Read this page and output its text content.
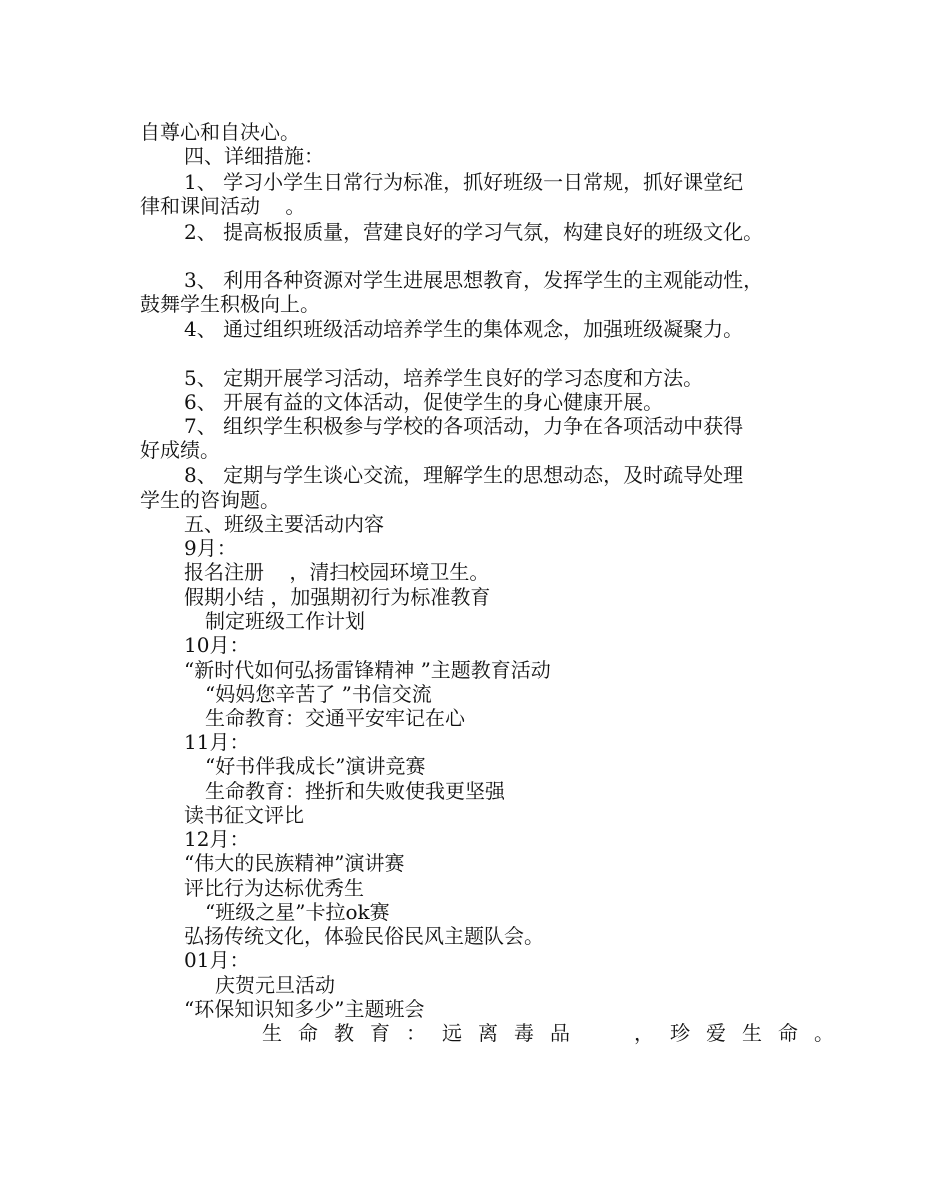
自尊心和自决心。
四、详细措施：
1、 学习小学生日常行为标准，抓好班级一日常规，抓好课堂纪
律和课间活动    。
2、 提高板报质量，营建良好的学习气氛，构建良好的班级文化。
3、 利用各种资源对学生进展思想教育，发挥学生的主观能动性，
鼓舞学生积极向上。
4、 通过组织班级活动培养学生的集体观念，加强班级凝聚力。
5、 定期开展学习活动，培养学生良好的学习态度和方法。
6、 开展有益的文体活动，促使学生的身心健康开展。
7、 组织学生积极参与学校的各项活动，力争在各项活动中获得
好成绩。
8、 定期与学生谈心交流，理解学生的思想动态，及时疏导处理
学生的咨询题。
五、班级主要活动内容
9月：
报名注册    ，清扫校园环境卫生。
假期小结 ，加强期初行为标准教育
制定班级工作计划
10月：
“新时代如何弘扬雷锋精神 ”主题教育活动
“妈妈您辛苦了 ”书信交流
生命教育：交通平安牢记在心
11月：
“好书伴我成长”演讲竞赛
生命教育：挫折和失败使我更坚强
读书征文评比
12月：
“伟大的民族精神”演讲赛
评比行为达标优秀生
“班级之星”卡拉ok赛
弘扬传统文化，体验民俗民风主题队会。
01月：
庆贺元旦活动
“环保知识知多少”主题班会
生命教育：远离毒品 ，珍爱生命。
